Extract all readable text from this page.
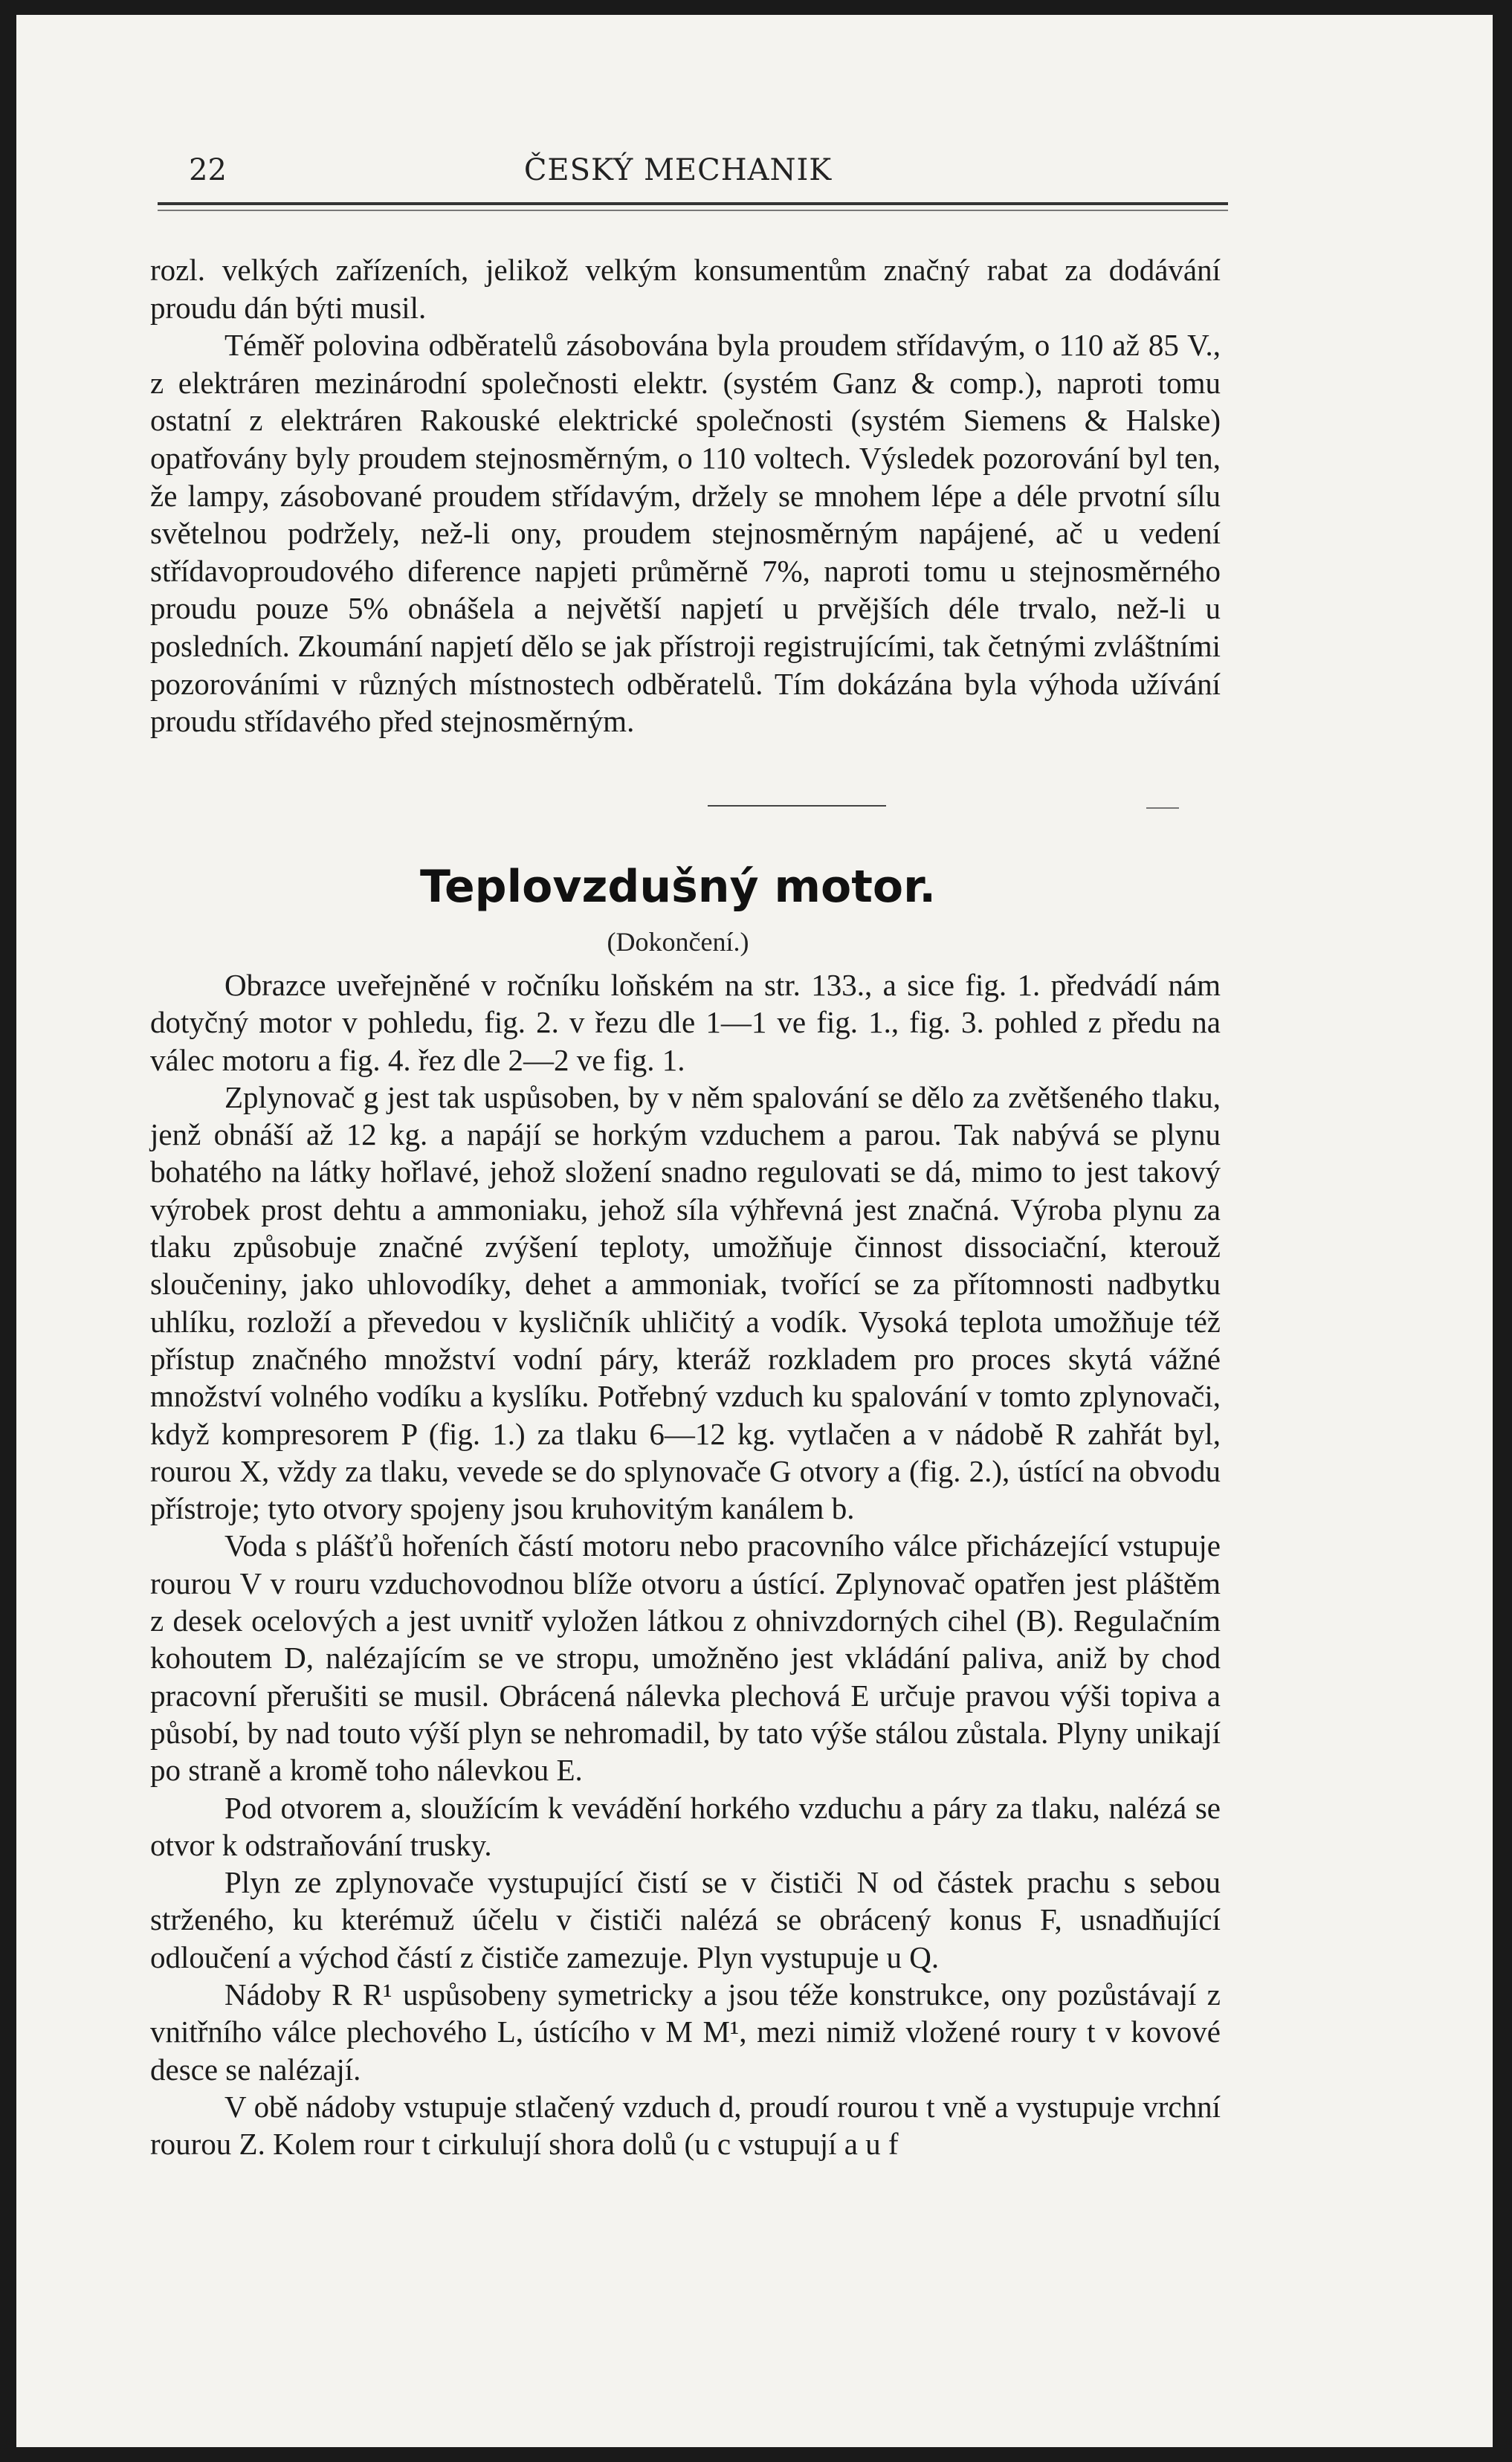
22	ČESKÝ MECHANIK

rozl. velkých zařízeních, jelikož velkým konsumentům značný rabat za dodávání proudu dán býti musil.

Téměř polovina odběratelů zásobována byla proudem střídavým, o 110 až 85 V., z elektráren mezinárodní společnosti elektr. (systém Ganz & comp.), naproti tomu ostatní z elektráren Rakouské elektrické společnosti (systém Siemens & Halske) opatřovány byly proudem stejnosměrným, o 110 voltech. Výsledek pozorování byl ten, že lampy, zásobované proudem střídavým, držely se mnohem lépe a déle prvotní sílu světelnou podržely, než-li ony, proudem stejnosměrným napájené, ač u vedení střídavoproudového diference napjeti průměrně 7%, naproti tomu u stejnosměrného proudu pouze 5% obnášela a největší napjetí u prvějších déle trvalo, než-li u posledních. Zkoumání napjetí dělo se jak přístroji registrujícími, tak četnými zvláštními pozorováními v různých místnostech odběratelů. Tím dokázána byla výhoda užívání proudu střídavého před stejnosměrným.

Teplovzdušný motor.
(Dokončení.)

Obrazce uveřejněné v ročníku loňském na str. 133., a sice fig. 1. předvádí nám dotyčný motor v pohledu, fig. 2. v řezu dle 1—1 ve fig. 1., fig. 3. pohled z předu na válec motoru a fig. 4. řez dle 2—2 ve fig. 1.

Zplynovač g jest tak uspůsoben, by v něm spalování se dělo za zvětšeného tlaku, jenž obnáší až 12 kg. a napájí se horkým vzduchem a parou. Tak nabývá se plynu bohatého na látky hořlavé, jehož složení snadno regulovati se dá, mimo to jest takový výrobek prost dehtu a ammoniaku, jehož síla výhřevná jest značná. Výroba plynu za tlaku způsobuje značné zvýšení teploty, umožňuje činnost dissociační, kterouž sloučeniny, jako uhlovodíky, dehet a ammoniak, tvořící se za přítomnosti nadbytku uhlíku, rozloží a převedou v kysličník uhličitý a vodík. Vysoká teplota umožňuje též přístup značného množství vodní páry, kteráž rozkladem pro proces skytá vážné množství volného vodíku a kyslíku. Potřebný vzduch ku spalování v tomto zplynovači, když kompresorem P (fig. 1.) za tlaku 6—12 kg. vytlačen a v nádobě R zahřát byl, rourou X, vždy za tlaku, vevede se do splynovače G otvory a (fig. 2.), ústící na obvodu přístroje; tyto otvory spojeny jsou kruhovitým kanálem b.

Voda s plášťů hořeních částí motoru nebo pracovního válce přicházející vstupuje rourou V v rouru vzduchovodnou blíže otvoru a ústící. Zplynovač opatřen jest pláštěm z desek ocelových a jest uvnitř vyložen látkou z ohnivzdorných cihel (B). Regulačním kohoutem D, nalézajícím se ve stropu, umožněno jest vkládání paliva, aniž by chod pracovní přerušiti se musil. Obrácená nálevka plechová E určuje pravou výši topiva a působí, by nad touto výší plyn se nehromadil, by tato výše stálou zůstala. Plyny unikají po straně a kromě toho nálevkou E.

Pod otvorem a, sloužícím k vevádění horkého vzduchu a páry za tlaku, nalézá se otvor k odstraňování trusky.

Plyn ze zplynovače vystupující čistí se v čističi N od částek prachu s sebou strženého, ku kterémuž účelu v čističi nalézá se obrácený konus F, usnadňující odloučení a východ částí z čističe zamezuje. Plyn vystupuje u Q.

Nádoby R R¹ uspůsobeny symetricky a jsou téže konstrukce, ony pozůstávají z vnitřního válce plechového L, ústícího v M M¹, mezi nimiž vložené roury t v kovové desce se nalézají.

V obě nádoby vstupuje stlačený vzduch d, proudí rourou t vně a vystupuje vrchní rourou Z. Kolem rour t cirkulují shora dolů (u c vstupují a u f
